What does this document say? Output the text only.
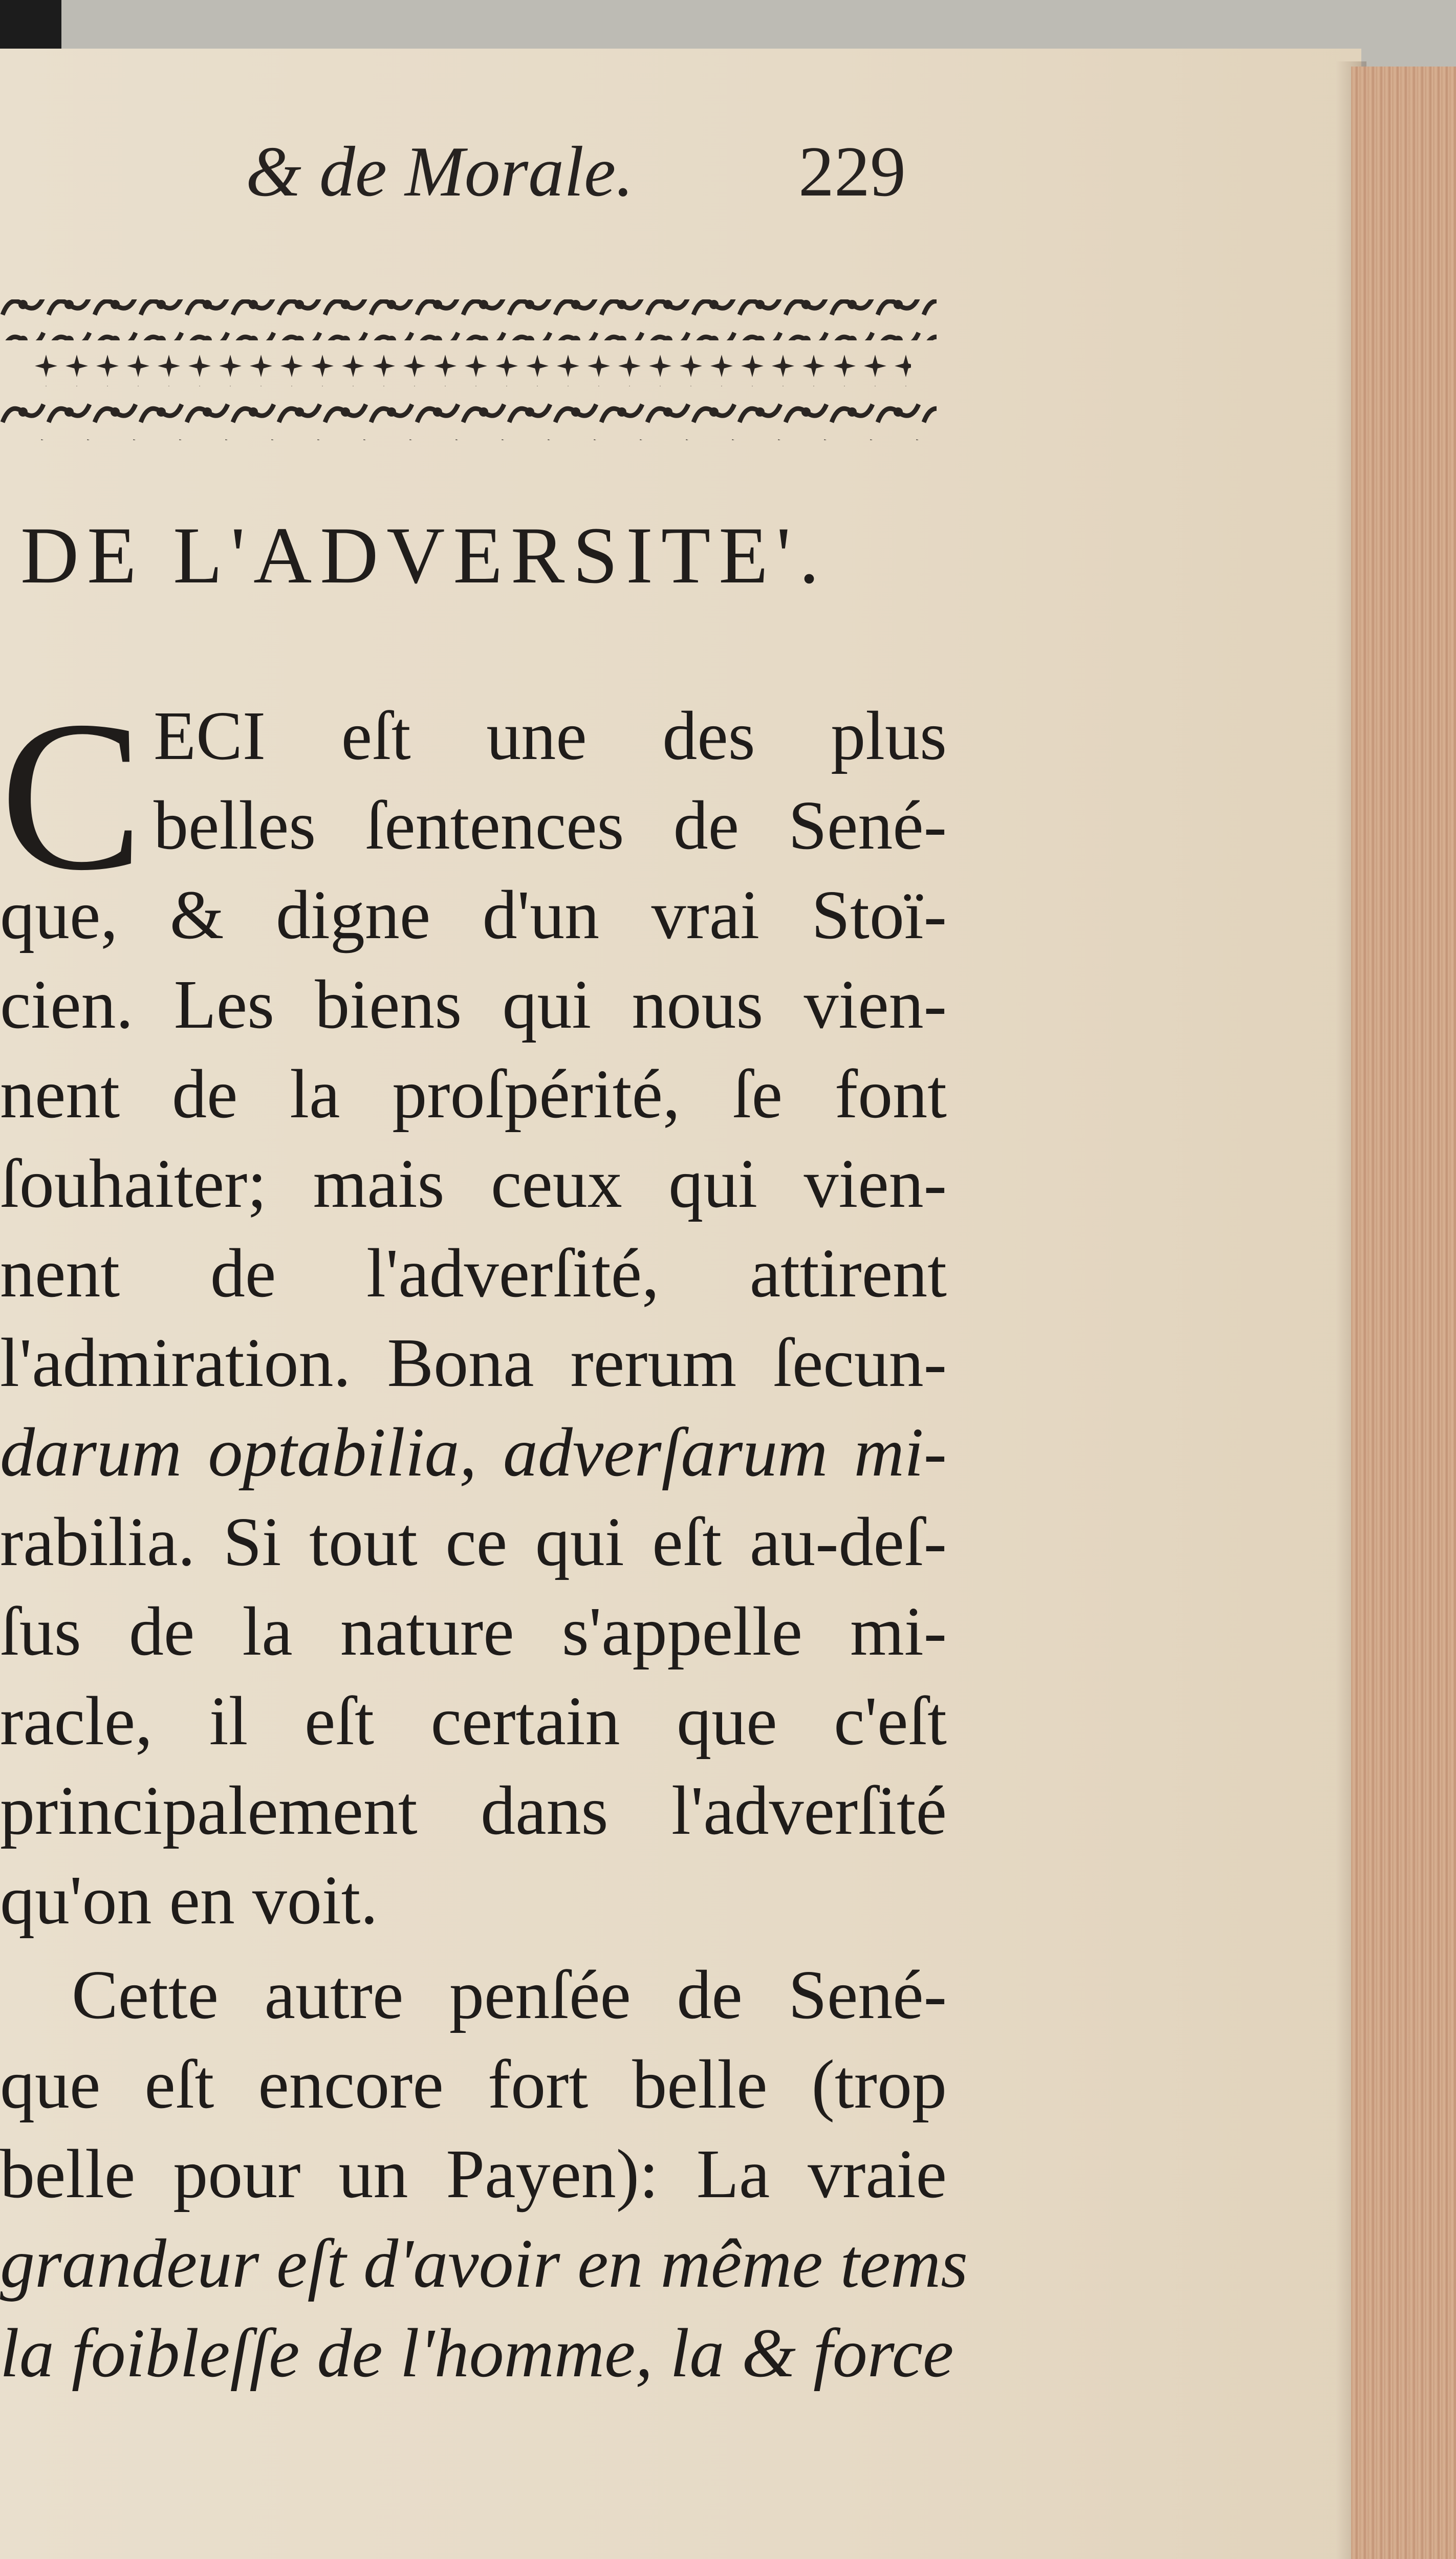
& de Morale. 229
DE L'ADVERSITE'.
C ECI eſt une des plus
belles ſentences de Sené-
que, & digne d'un vrai Stoï-
cien. Les biens qui nous vien-
nent de la proſpérité, ſe font
ſouhaiter; mais ceux qui vien-
nent de l'adverſité, attirent
l'admiration. Bona rerum ſecun-
darum optabilia, adverſarum mi-
rabilia. Si tout ce qui eſt au-deſ-
ſus de la nature s'appelle mi-
racle, il eſt certain que c'eſt
principalement dans l'adverſité
qu'on en voit.
Cette autre penſée de Sené-
que eſt encore fort belle (trop
belle pour un Payen): La vraie
grandeur eſt d'avoir en même tems
la foibleſſe de l'homme, la & force
